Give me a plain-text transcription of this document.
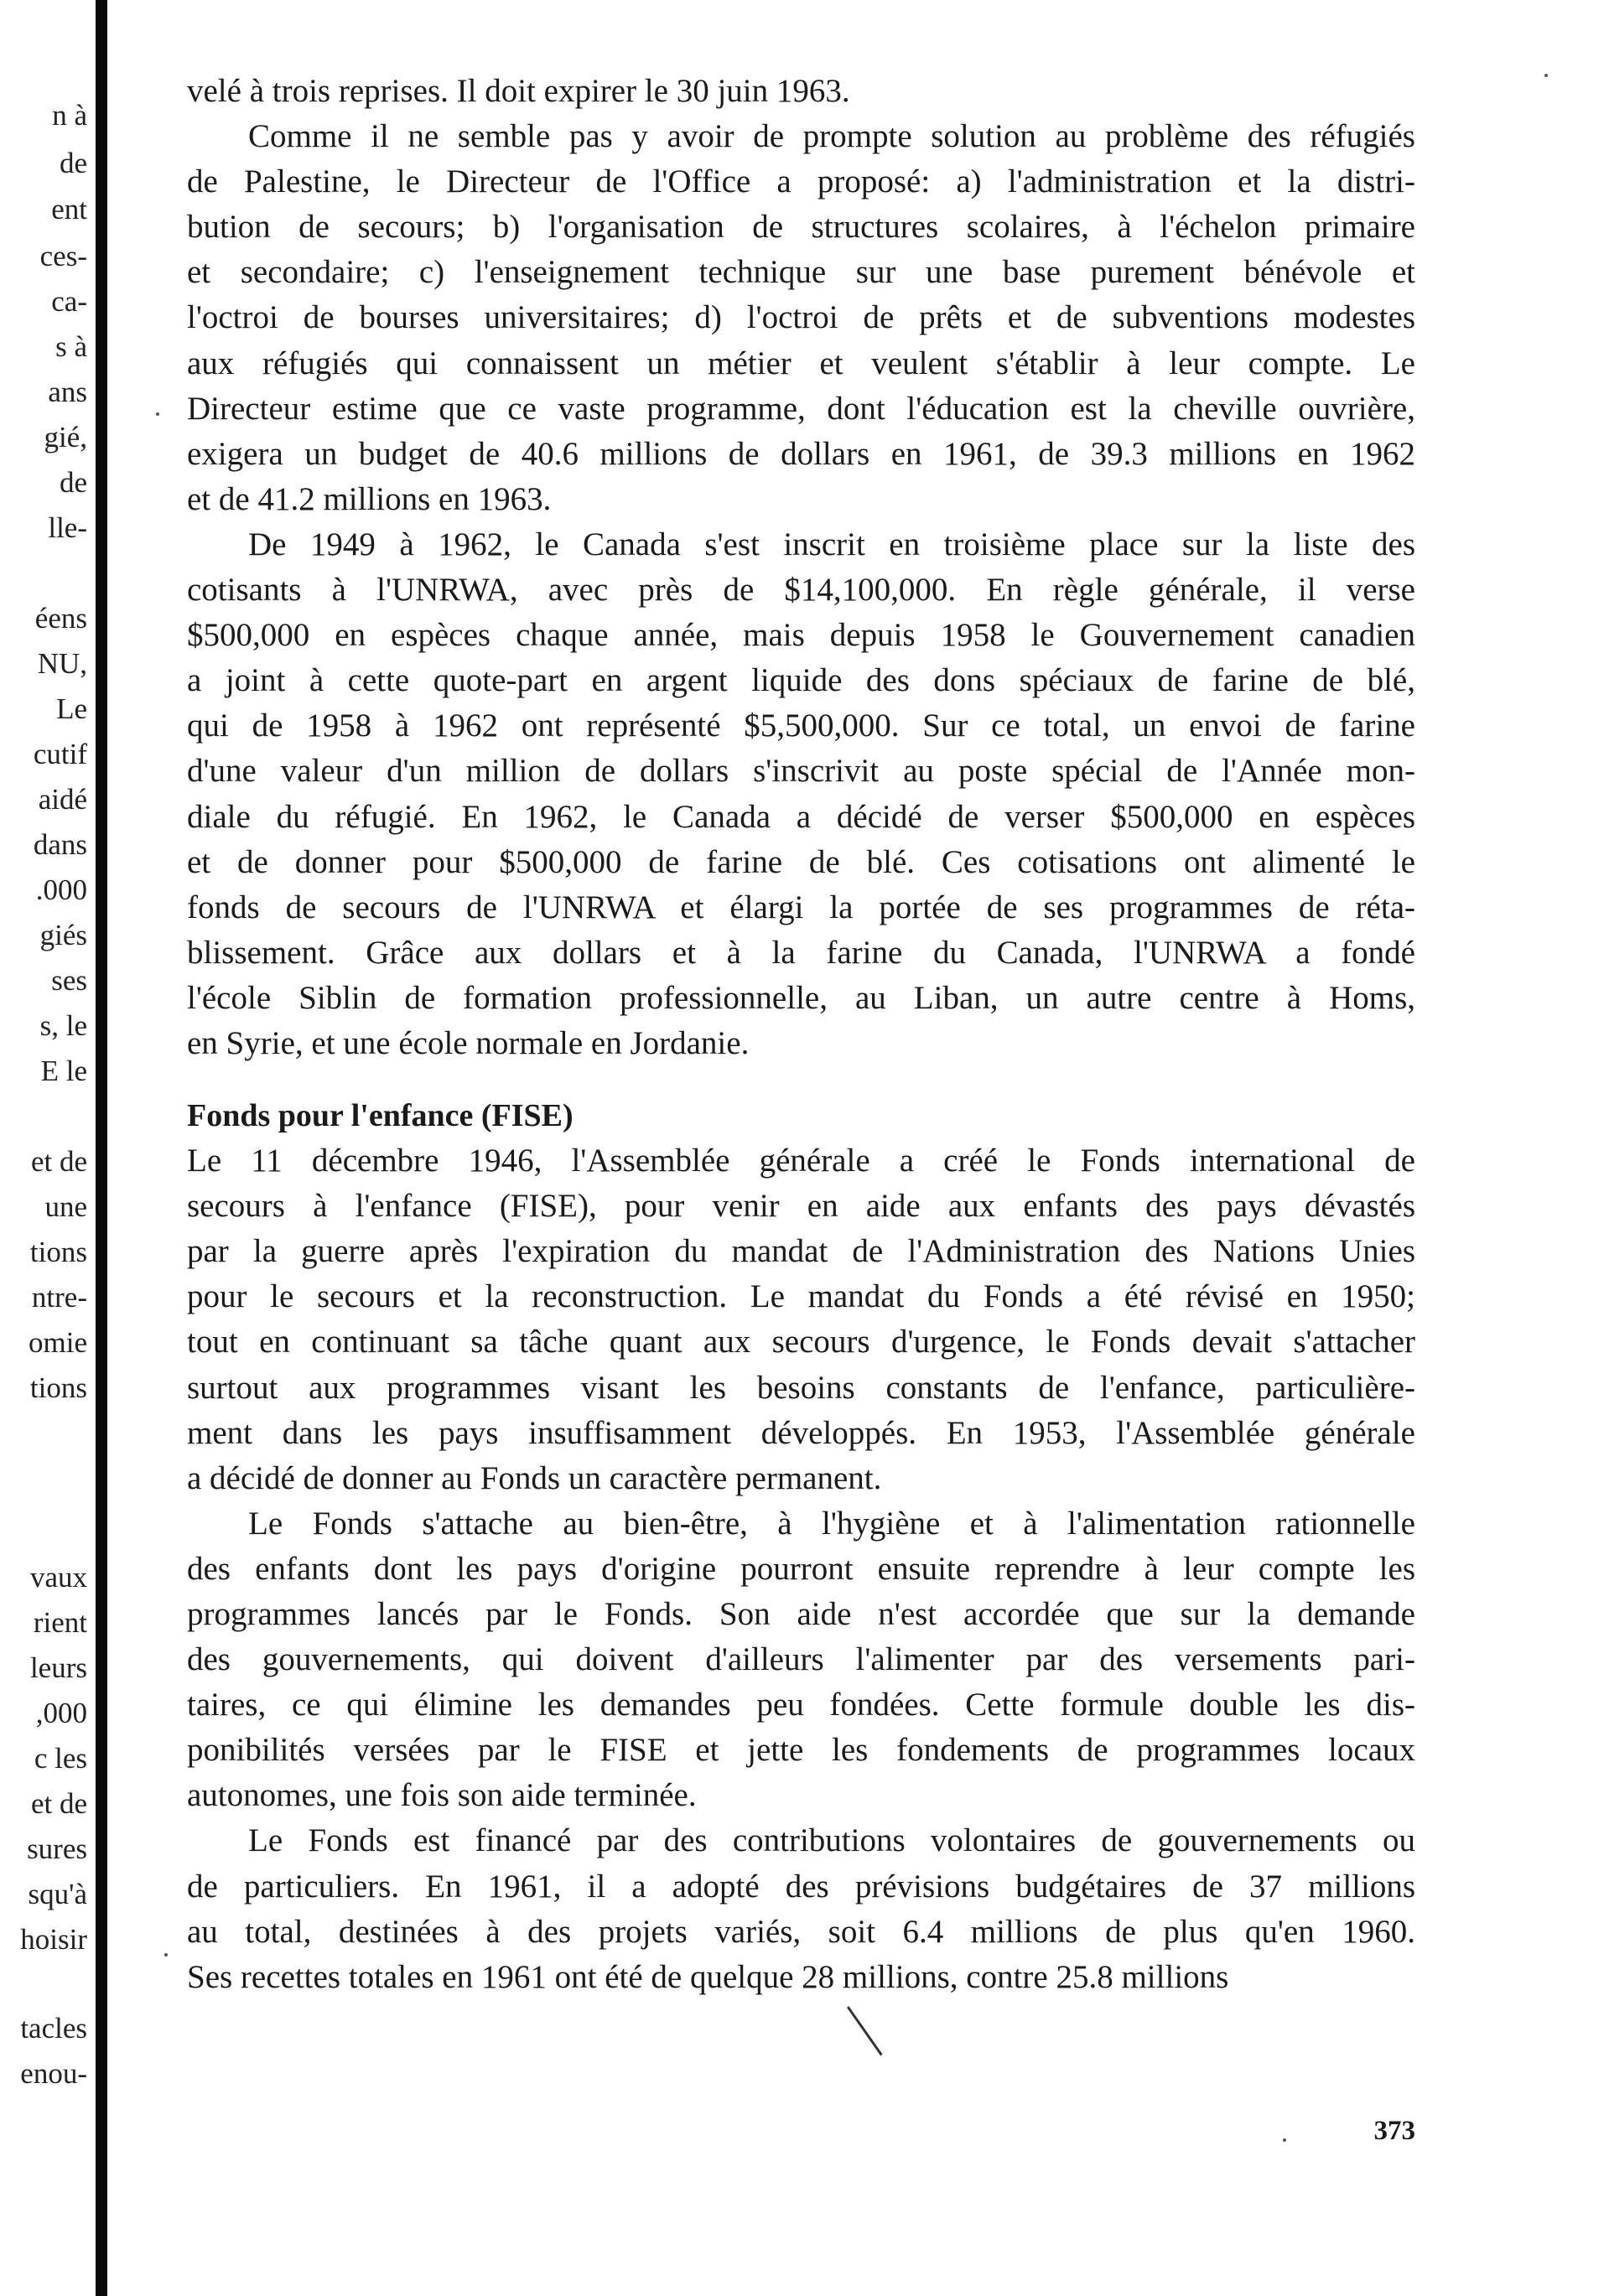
n à
de
ent
ces-
ca-
s à
ans
gié,
de
lle-
éens
NU,
Le
cutif
aidé
dans
.000
giés
ses
s, le
E le
et de
une
tions
ntre-
omie
tions
vaux
rient
leurs
,000
c les
et de
sures
squ'à
hoisir
tacles
enou-
velé à trois reprises. Il doit expirer le 30 juin 1963.
Comme il ne semble pas y avoir de prompte solution au problème des réfugiés
de Palestine, le Directeur de l'Office a proposé: a) l'administration et la distri-
bution de secours; b) l'organisation de structures scolaires, à l'échelon primaire
et secondaire; c) l'enseignement technique sur une base purement bénévole et
l'octroi de bourses universitaires; d) l'octroi de prêts et de subventions modestes
aux réfugiés qui connaissent un métier et veulent s'établir à leur compte. Le
Directeur estime que ce vaste programme, dont l'éducation est la cheville ouvrière,
exigera un budget de 40.6 millions de dollars en 1961, de 39.3 millions en 1962
et de 41.2 millions en 1963.
De 1949 à 1962, le Canada s'est inscrit en troisième place sur la liste des
cotisants à l'UNRWA, avec près de $14,100,000. En règle générale, il verse
$500,000 en espèces chaque année, mais depuis 1958 le Gouvernement canadien
a joint à cette quote-part en argent liquide des dons spéciaux de farine de blé,
qui de 1958 à 1962 ont représenté $5,500,000. Sur ce total, un envoi de farine
d'une valeur d'un million de dollars s'inscrivit au poste spécial de l'Année mon-
diale du réfugié. En 1962, le Canada a décidé de verser $500,000 en espèces
et de donner pour $500,000 de farine de blé. Ces cotisations ont alimenté le
fonds de secours de l'UNRWA et élargi la portée de ses programmes de réta-
blissement. Grâce aux dollars et à la farine du Canada, l'UNRWA a fondé
l'école Siblin de formation professionnelle, au Liban, un autre centre à Homs,
en Syrie, et une école normale en Jordanie.
Fonds pour l'enfance (FISE)
Le 11 décembre 1946, l'Assemblée générale a créé le Fonds international de
secours à l'enfance (FISE), pour venir en aide aux enfants des pays dévastés
par la guerre après l'expiration du mandat de l'Administration des Nations Unies
pour le secours et la reconstruction. Le mandat du Fonds a été révisé en 1950;
tout en continuant sa tâche quant aux secours d'urgence, le Fonds devait s'attacher
surtout aux programmes visant les besoins constants de l'enfance, particulière-
ment dans les pays insuffisamment développés. En 1953, l'Assemblée générale
a décidé de donner au Fonds un caractère permanent.
Le Fonds s'attache au bien-être, à l'hygiène et à l'alimentation rationnelle
des enfants dont les pays d'origine pourront ensuite reprendre à leur compte les
programmes lancés par le Fonds. Son aide n'est accordée que sur la demande
des gouvernements, qui doivent d'ailleurs l'alimenter par des versements pari-
taires, ce qui élimine les demandes peu fondées. Cette formule double les dis-
ponibilités versées par le FISE et jette les fondements de programmes locaux
autonomes, une fois son aide terminée.
Le Fonds est financé par des contributions volontaires de gouvernements ou
de particuliers. En 1961, il a adopté des prévisions budgétaires de 37 millions
au total, destinées à des projets variés, soit 6.4 millions de plus qu'en 1960.
Ses recettes totales en 1961 ont été de quelque 28 millions, contre 25.8 millions
373
